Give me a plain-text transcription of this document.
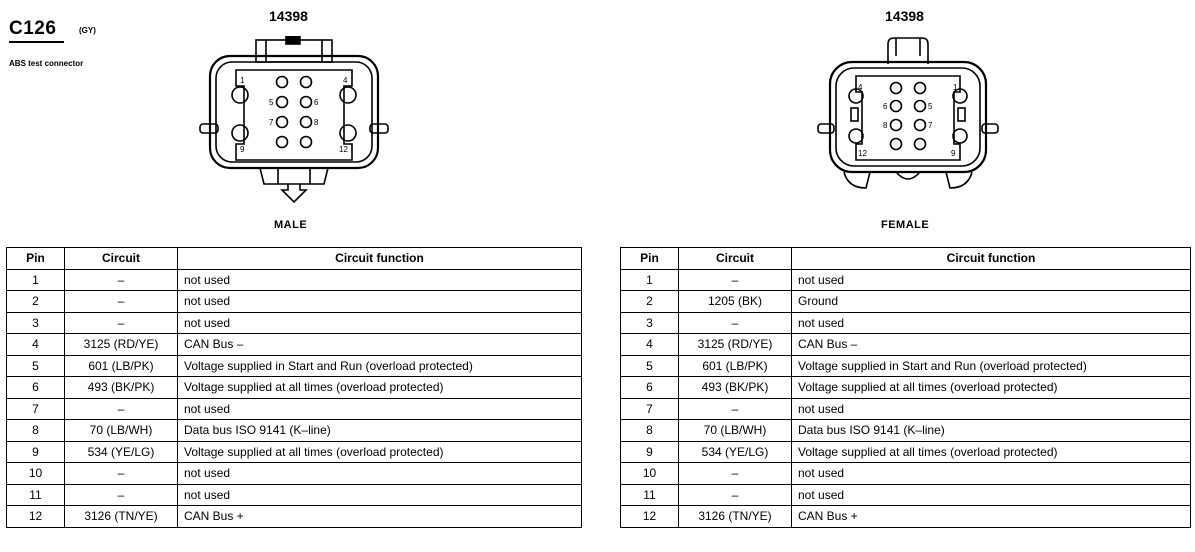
C126	(GY)
ABS test connector
14398	14398
1	4
5	6
7	8
9	12
4	1
6	5
8	7
12	9
MALE	FEMALE
Pin	Circuit	Circuit function
1	–	not used
2	–	not used
3	–	not used
4	3125 (RD/YE)	CAN Bus –
5	601 (LB/PK)	Voltage supplied in Start and Run (overload protected)
6	493 (BK/PK)	Voltage supplied at all times (overload protected)
7	–	not used
8	70 (LB/WH)	Data bus ISO 9141 (K–line)
9	534 (YE/LG)	Voltage supplied at all times (overload protected)
10	–	not used
11	–	not used
12	3126 (TN/YE)	CAN Bus +
Pin	Circuit	Circuit function
1	–	not used
2	1205 (BK)	Ground
3	–	not used
4	3125 (RD/YE)	CAN Bus –
5	601 (LB/PK)	Voltage supplied in Start and Run (overload protected)
6	493 (BK/PK)	Voltage supplied at all times (overload protected)
7	–	not used
8	70 (LB/WH)	Data bus ISO 9141 (K–line)
9	534 (YE/LG)	Voltage supplied at all times (overload protected)
10	–	not used
11	–	not used
12	3126 (TN/YE)	CAN Bus +
